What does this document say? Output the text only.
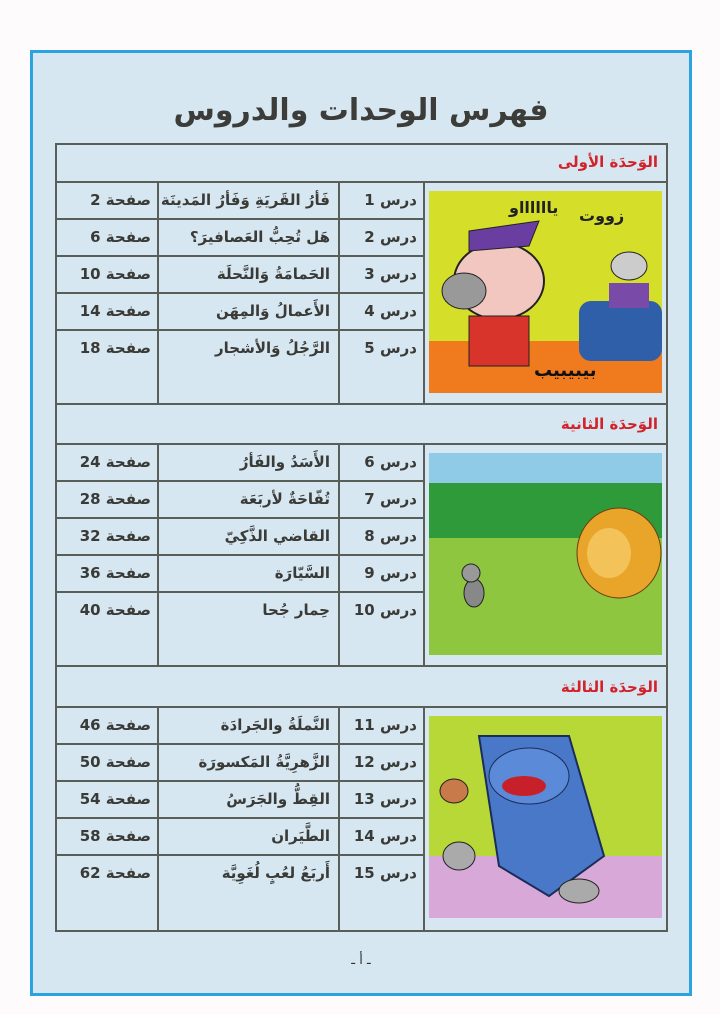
فهرس الوحدات والدروس
ـ أ ـ
الوَحدَة الأولى
درس 1
فَأرُ القَريَةِ وَفَأرُ المَدينَة
صفحة 2
درس 2
هَل تُحِبُّ العَصافيرَ؟
صفحة 6
درس 3
الحَمامَةُ وَالنَّحلَة
صفحة 10
درس 4
الأَعمالُ وَالمِهَن
صفحة 14
درس 5
الرَّجُلُ وَالأشجار
صفحة 18
زووت
يااااااو
بيبيبيب
الوَحدَة الثانية
درس 6
الأَسَدُ والفَأرُ
صفحة 24
درس 7
تُفّاحَةٌ لأربَعَة
صفحة 28
درس 8
القاضي الذَّكِيّ
صفحة 32
درس 9
السَّيّارَة
صفحة 36
درس 10
حِمار جُحا
صفحة 40
الوَحدَة الثالثة
درس 11
النَّملَةُ والجَرادَة
صفحة 46
درس 12
الزَّهرِيَّةُ المَكسورَة
صفحة 50
درس 13
القِطُّ والجَرَسُ
صفحة 54
درس 14
الطَّيَران
صفحة 58
درس 15
أَربَعُ لعُبٍ لُغَوِيَّة
صفحة 62
